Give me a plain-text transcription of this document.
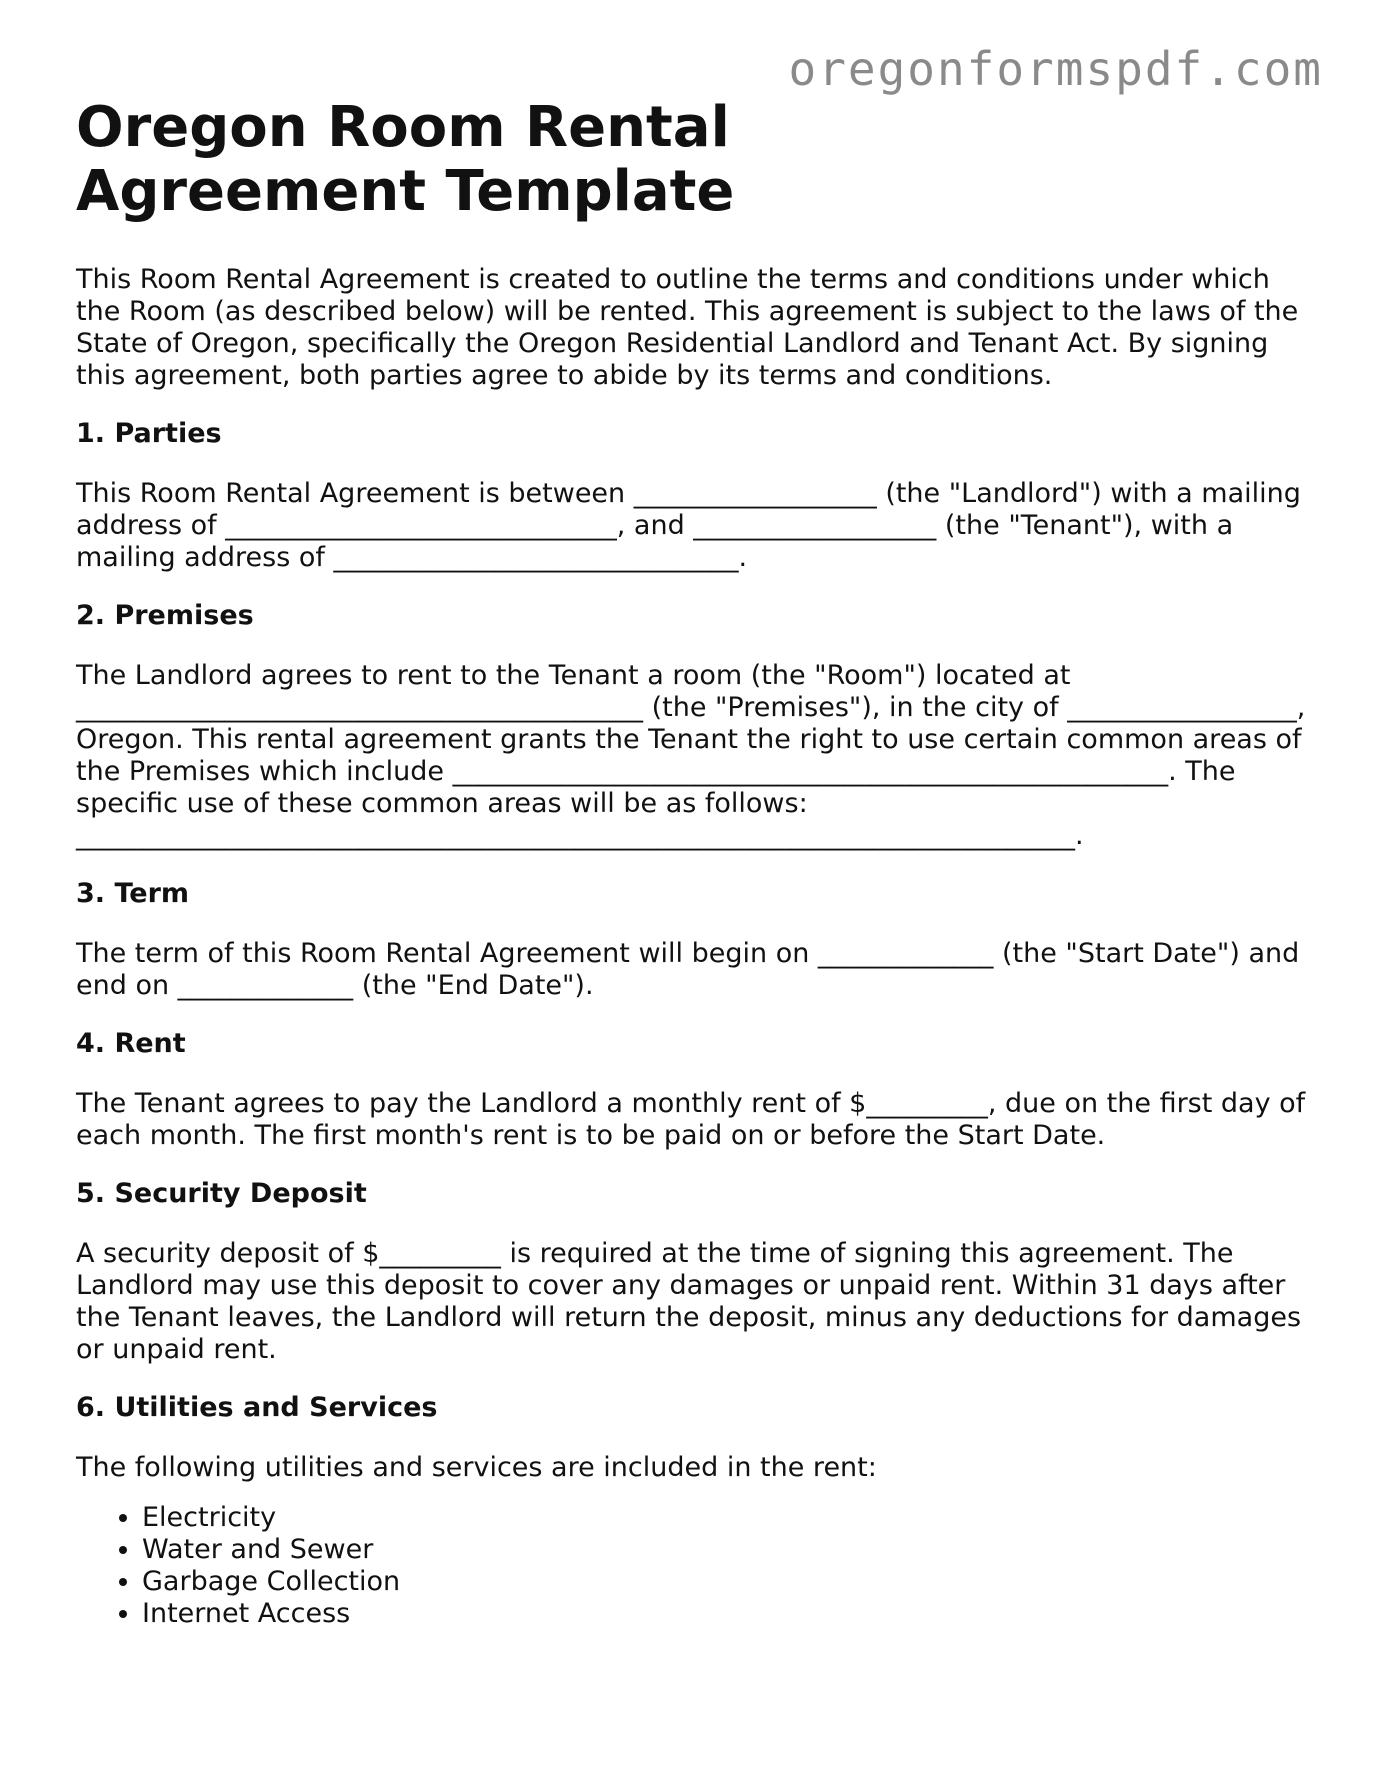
oregonformspdf.com
Oregon Room Rental Agreement Template

This Room Rental Agreement is created to outline the terms and conditions under which the Room (as described below) will be rented. This agreement is subject to the laws of the State of Oregon, specifically the Oregon Residential Landlord and Tenant Act. By signing this agreement, both parties agree to abide by its terms and conditions.

1. Parties

This Room Rental Agreement is between __________________ (the "Landlord") with a mailing address of _____________________________, and __________________ (the "Tenant"), with a mailing address of ______________________________.

2. Premises

The Landlord agrees to rent to the Tenant a room (the "Room") located at __________________________________________ (the "Premises"), in the city of _________________, Oregon. This rental agreement grants the Tenant the right to use certain common areas of the Premises which include _____________________________________________________. The specific use of these common areas will be as follows: __________________________________________________________________________.

3. Term

The term of this Room Rental Agreement will begin on _____________ (the "Start Date") and end on _____________ (the "End Date").

4. Rent

The Tenant agrees to pay the Landlord a monthly rent of $_________, due on the first day of each month. The first month's rent is to be paid on or before the Start Date.

5. Security Deposit

A security deposit of $_________ is required at the time of signing this agreement. The Landlord may use this deposit to cover any damages or unpaid rent. Within 31 days after the Tenant leaves, the Landlord will return the deposit, minus any deductions for damages or unpaid rent.

6. Utilities and Services

The following utilities and services are included in the rent:

• Electricity
• Water and Sewer
• Garbage Collection
• Internet Access
